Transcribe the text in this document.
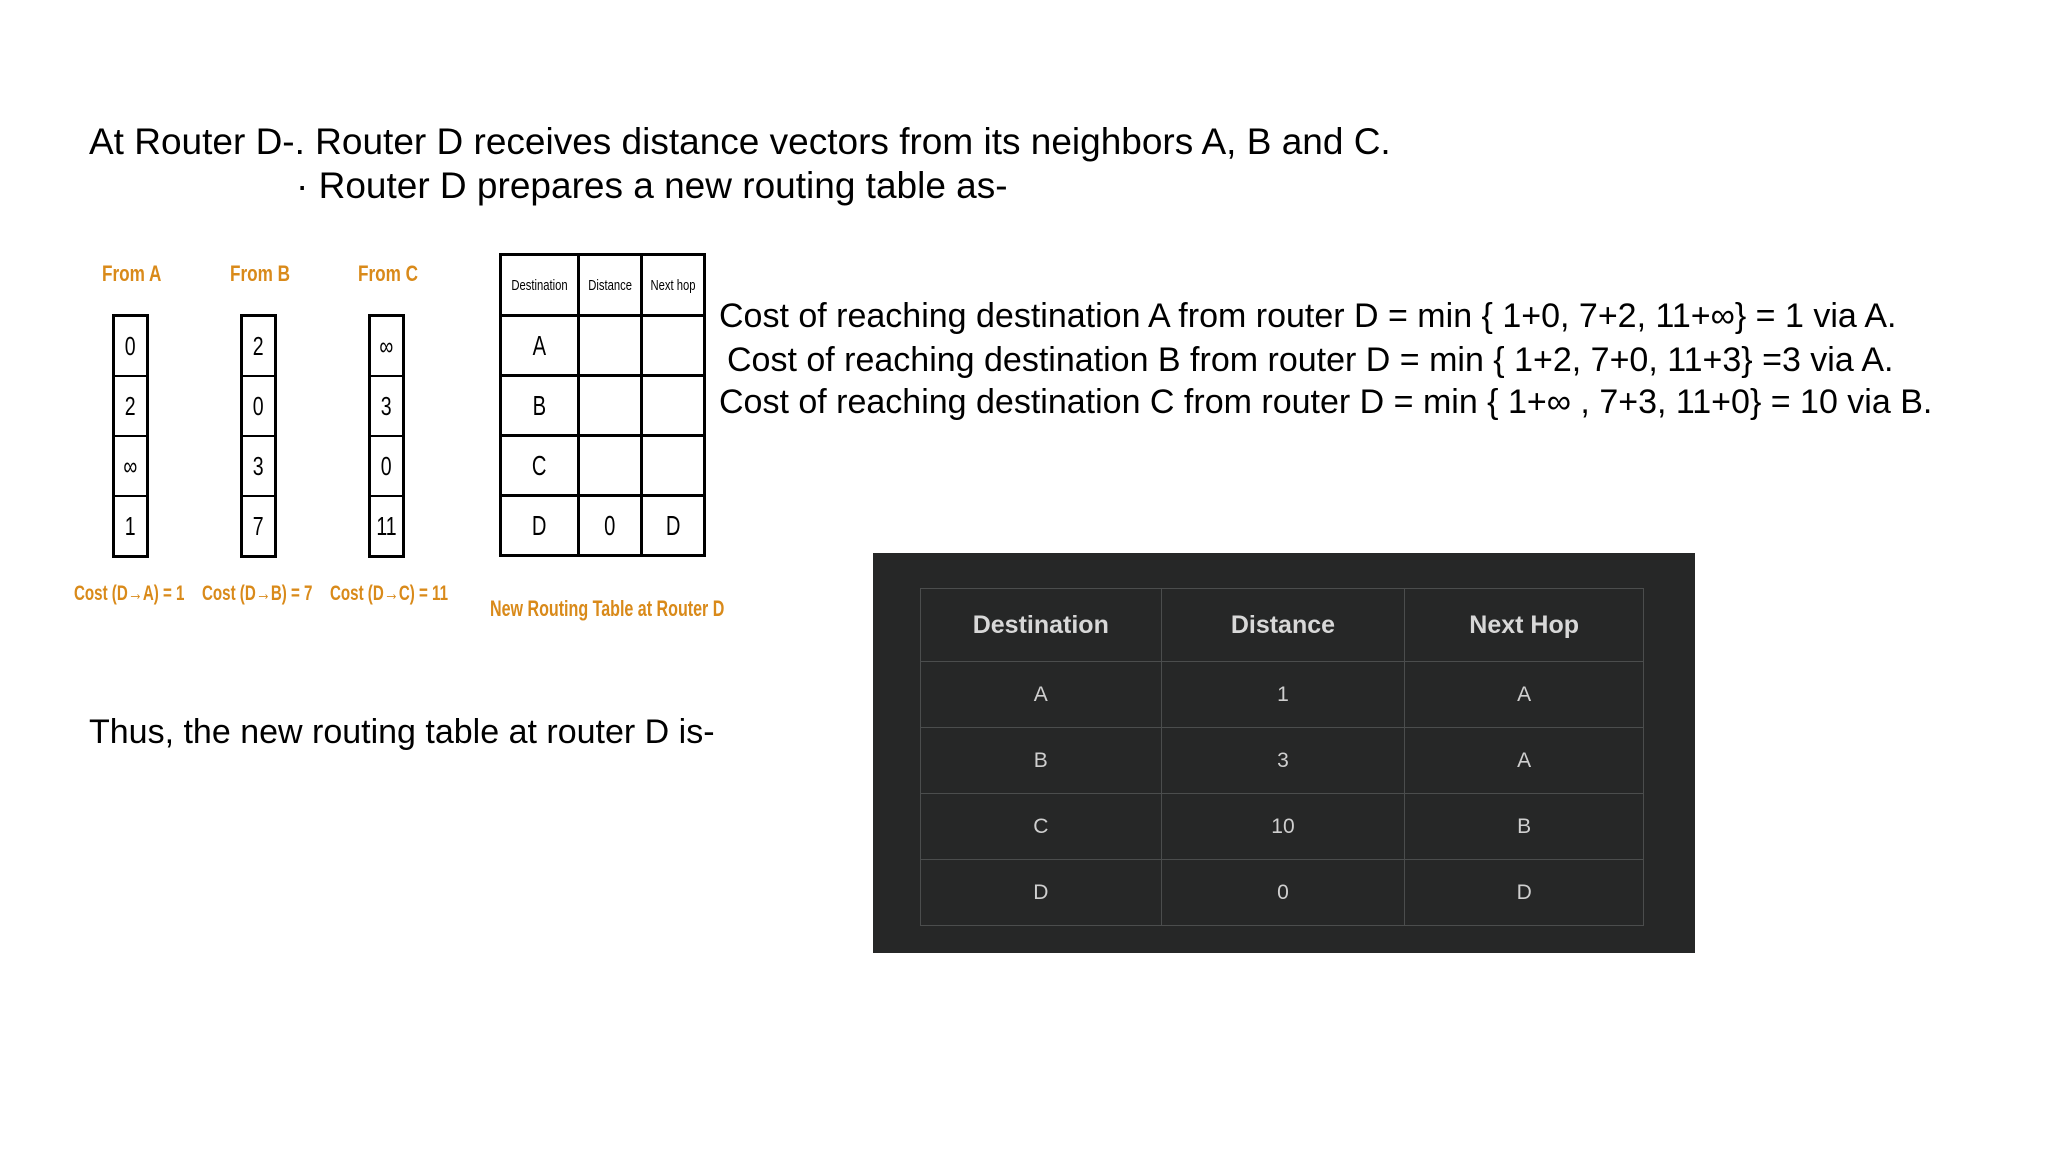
At Router D-. Router D receives distance vectors from its neighbors A, B and C.
· Router D prepares a new routing table as-
From A
0
2
∞
1
Cost (D→A) = 1
From B
2
0
3
7
Cost (D→B) = 7
From C
∞
3
0
11
Cost (D→C) = 11
Destination	Distance	Next hop
A		
B		
C		
D	0	D
New Routing Table at Router D
Cost of reaching destination A from router D = min { 1+0, 7+2, 11+∞} = 1 via A.
Cost of reaching destination B from router D = min { 1+2, 7+0, 11+3} =3 via A.
Cost of reaching destination C from router D = min { 1+∞ , 7+3, 11+0} = 10 via B.
Thus, the new routing table at router D is-
Destination	Distance	Next Hop
A	1	A
B	3	A
C	10	B
D	0	D
